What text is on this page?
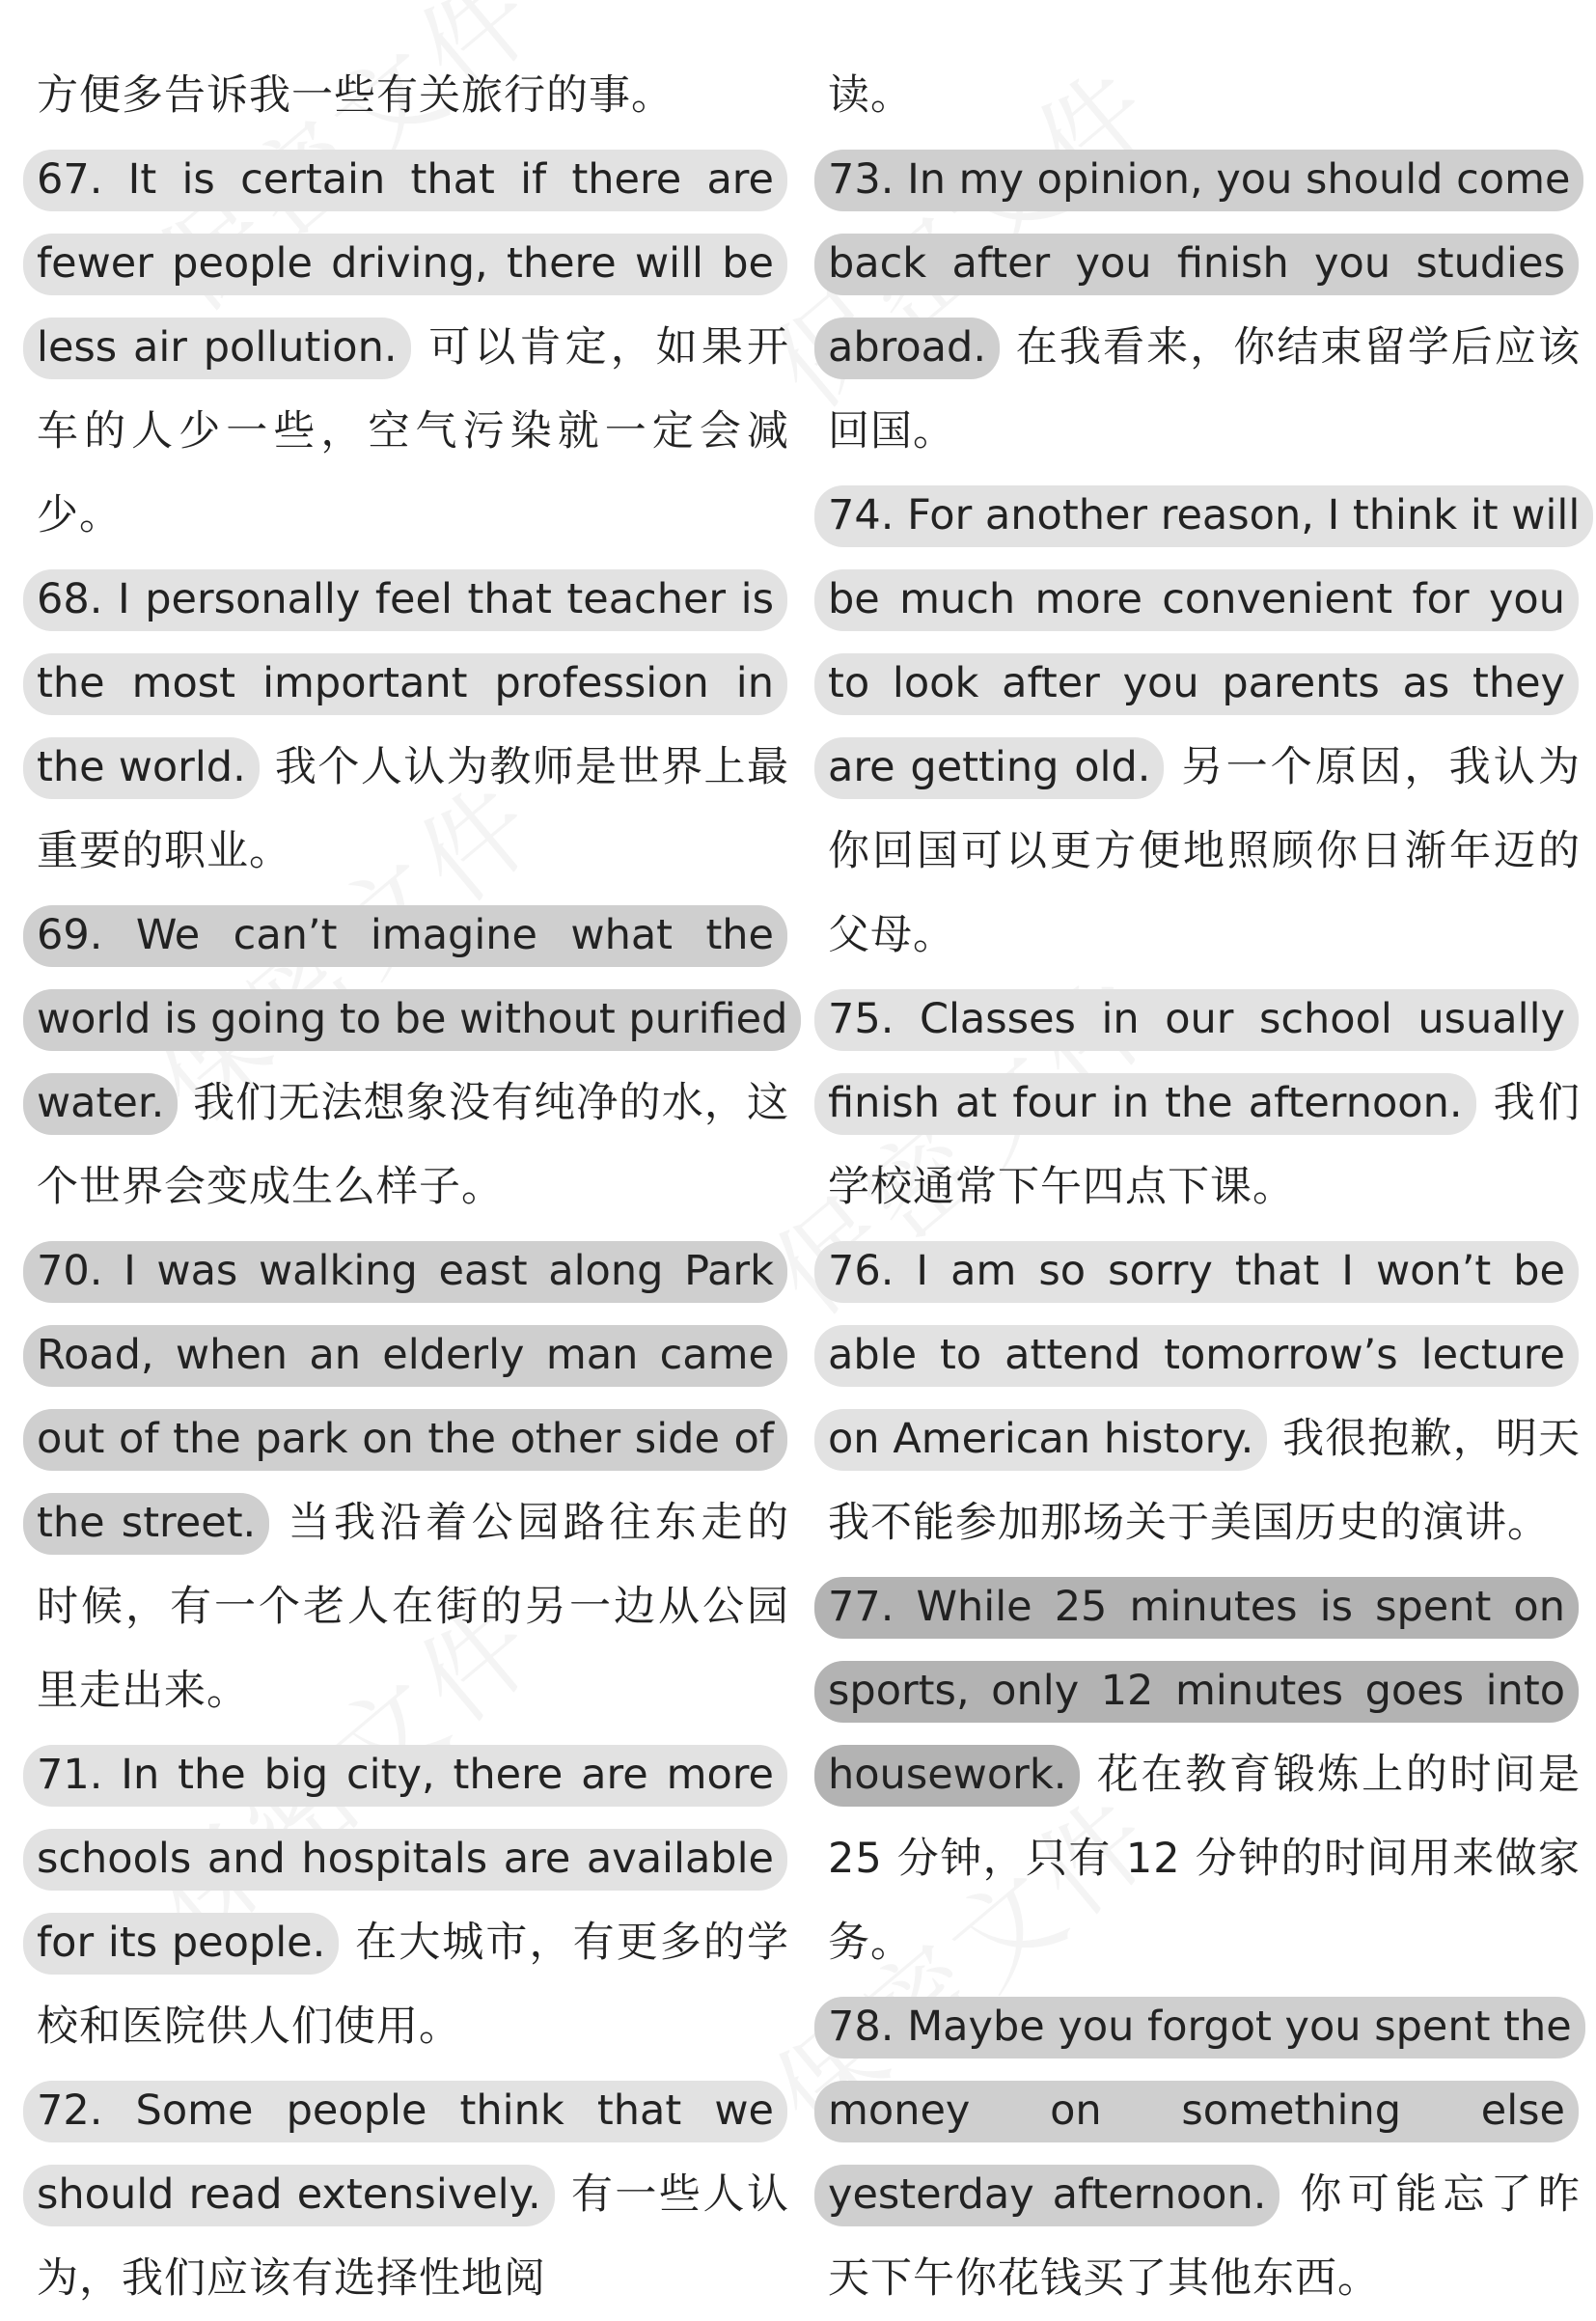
方便多告诉我一些有关旅行的事。

67. It is certain that if there are fewer people driving, there will be less air pollution. 可以肯定，如果开车的人少一些，空气污染就一定会减少。

68. I personally feel that teacher is the most important profession in the world. 我个人认为教师是世界上最重要的职业。

69. We can’t imagine what the world is going to be without purified water. 我们无法想象没有纯净的水，这个世界会变成生么样子。

70. I was walking east along Park Road, when an elderly man came out of the park on the other side of the street. 当我沿着公园路往东走的时候，有一个老人在街的另一边从公园里走出来。

71. In the big city, there are more schools and hospitals are available for its people. 在大城市，有更多的学校和医院供人们使用。

72. Some people think that we should read extensively. 有一些人认为，我们应该有选择性地阅

读。

73. In my opinion, you should come back after you finish you studies abroad. 在我看来，你结束留学后应该回国。

74. For another reason, I think it will be much more convenient for you to look after you parents as they are getting old. 另一个原因，我认为你回国可以更方便地照顾你日渐年迈的父母。

75. Classes in our school usually finish at four in the afternoon. 我们学校通常下午四点下课。

76. I am so sorry that I won’t be able to attend tomorrow’s lecture on American history. 我很抱歉，明天我不能参加那场关于美国历史的演讲。

77. While 25 minutes is spent on sports, only 12 minutes goes into housework. 花在教育锻炼上的时间是 25 分钟，只有 12 分钟的时间用来做家务。

78. Maybe you forgot you spent the money on something else yesterday afternoon. 你可能忘了昨天下午你花钱买了其他东西。
